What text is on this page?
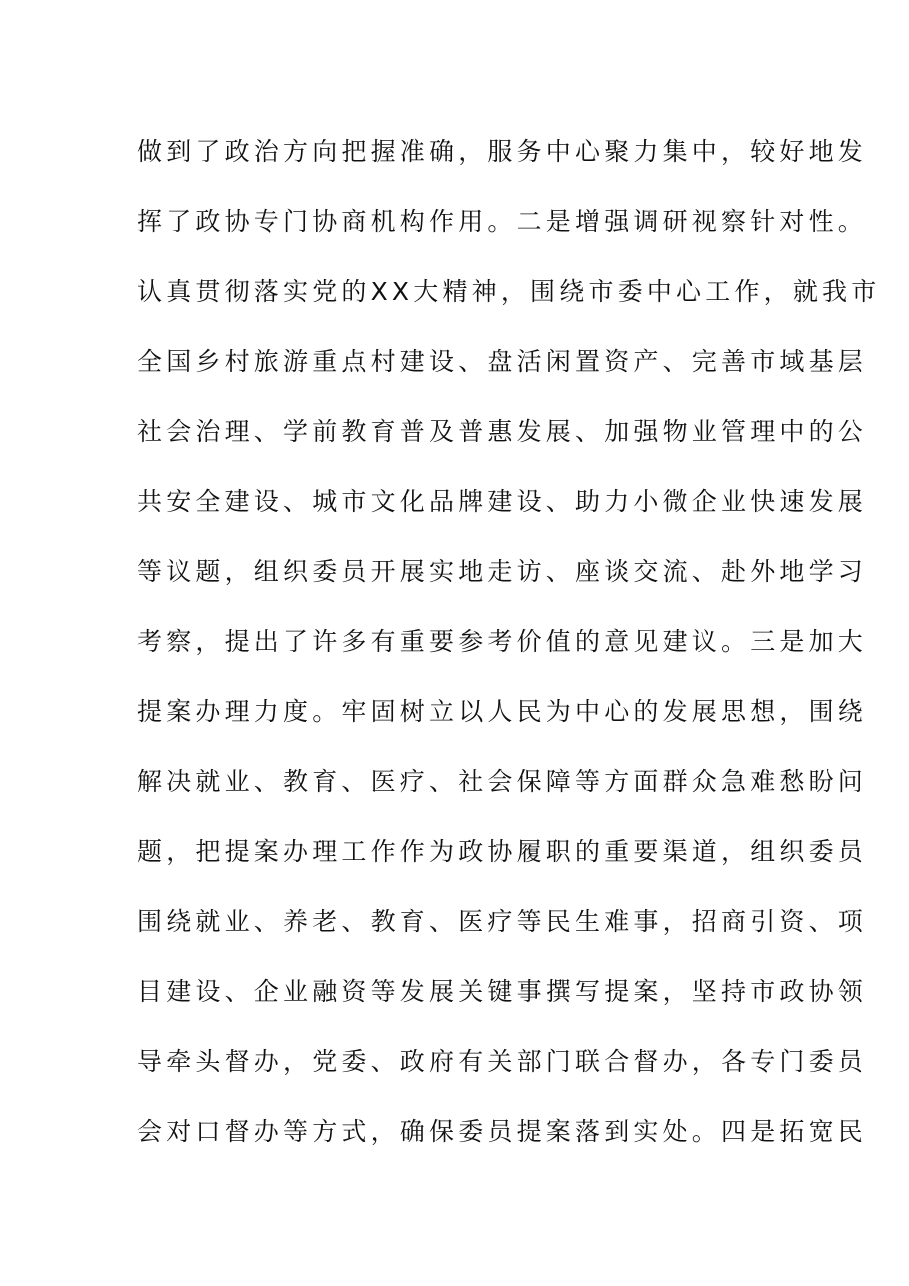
做到了政治方向把握准确，服务中心聚力集中，较好地发
挥了政协专门协商机构作用。二是增强调研视察针对性。
认真贯彻落实党的XX大精神，围绕市委中心工作，就我市
全国乡村旅游重点村建设、盘活闲置资产、完善市域基层
社会治理、学前教育普及普惠发展、加强物业管理中的公
共安全建设、城市文化品牌建设、助力小微企业快速发展
等议题，组织委员开展实地走访、座谈交流、赴外地学习
考察，提出了许多有重要参考价值的意见建议。三是加大
提案办理力度。牢固树立以人民为中心的发展思想，围绕
解决就业、教育、医疗、社会保障等方面群众急难愁盼问
题，把提案办理工作作为政协履职的重要渠道，组织委员
围绕就业、养老、教育、医疗等民生难事，招商引资、项
目建设、企业融资等发展关键事撰写提案，坚持市政协领
导牵头督办，党委、政府有关部门联合督办，各专门委员
会对口督办等方式，确保委员提案落到实处。四是拓宽民
